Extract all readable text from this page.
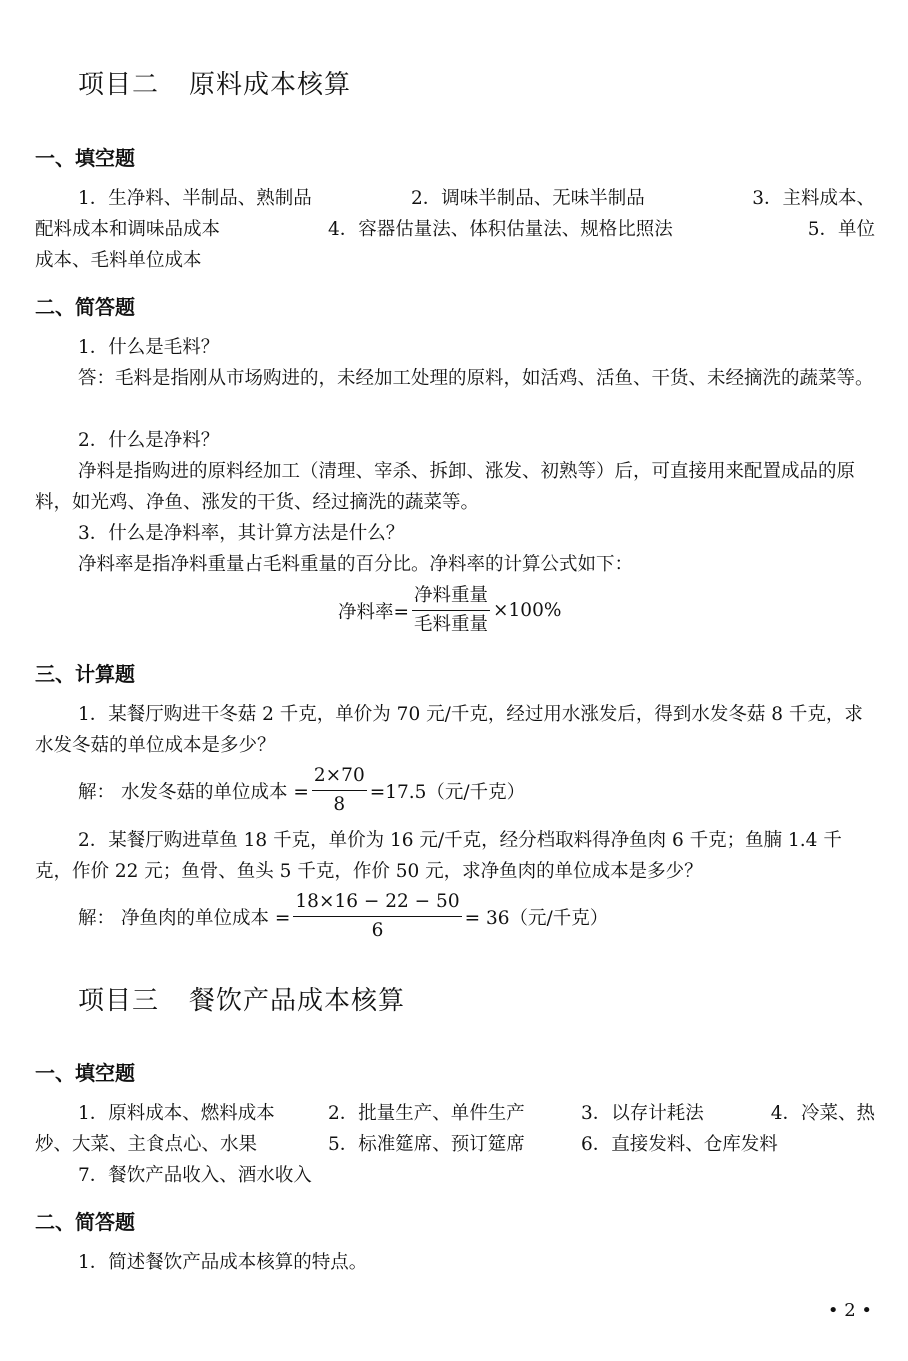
项目二 原料成本核算
一、填空题
1．生净料、半制品、熟制品	2．调味半制品、无味半制品	3．主料成本、
配料成本和调味品成本	4．容器估量法、体积估量法、规格比照法	5．单位
成本、毛料单位成本
二、简答题
1．什么是毛料？
答：毛料是指刚从市场购进的，未经加工处理的原料，如活鸡、活鱼、干货、未经摘洗的蔬菜等。
2．什么是净料？
净料是指购进的原料经加工（清理、宰杀、拆卸、涨发、初熟等）后，可直接用来配置成品的原料，如光鸡、净鱼、涨发的干货、经过摘洗的蔬菜等。
3．什么是净料率，其计算方法是什么？
净料率是指净料重量占毛料重量的百分比。净料率的计算公式如下：
净料率= $\frac{\text{净料重量}}{\text{毛料重量}} \times 100\%$
三、计算题
1．某餐厅购进干冬菇 2 千克，单价为 70 元/千克，经过用水涨发后，得到水发冬菇 8 千克，求水发冬菇的单位成本是多少？
解： 水发冬菇的单位成本 = $\frac{2\times 70}{8} =17.5$（元/千克）
2．某餐厅购进草鱼 18 千克，单价为 16 元/千克，经分档取料得净鱼肉 6 千克；鱼腩 1.4 千克，作价 22 元；鱼骨、鱼头 5 千克，作价 50 元，求净鱼肉的单位成本是多少？
解： 净鱼肉的单位成本 = $\frac{18\times 16 - 22 - 50}{6} = 36$（元/千克）
项目三 餐饮产品成本核算
一、填空题
1．原料成本、燃料成本	2．批量生产、单件生产	3．以存计耗法	4．冷菜、热
炒、大菜、主食点心、水果	5．标准筵席、预订筵席	6．直接发料、仓库发料
7．餐饮产品收入、酒水收入
二、简答题
1．简述餐饮产品成本核算的特点。
• 2 •
